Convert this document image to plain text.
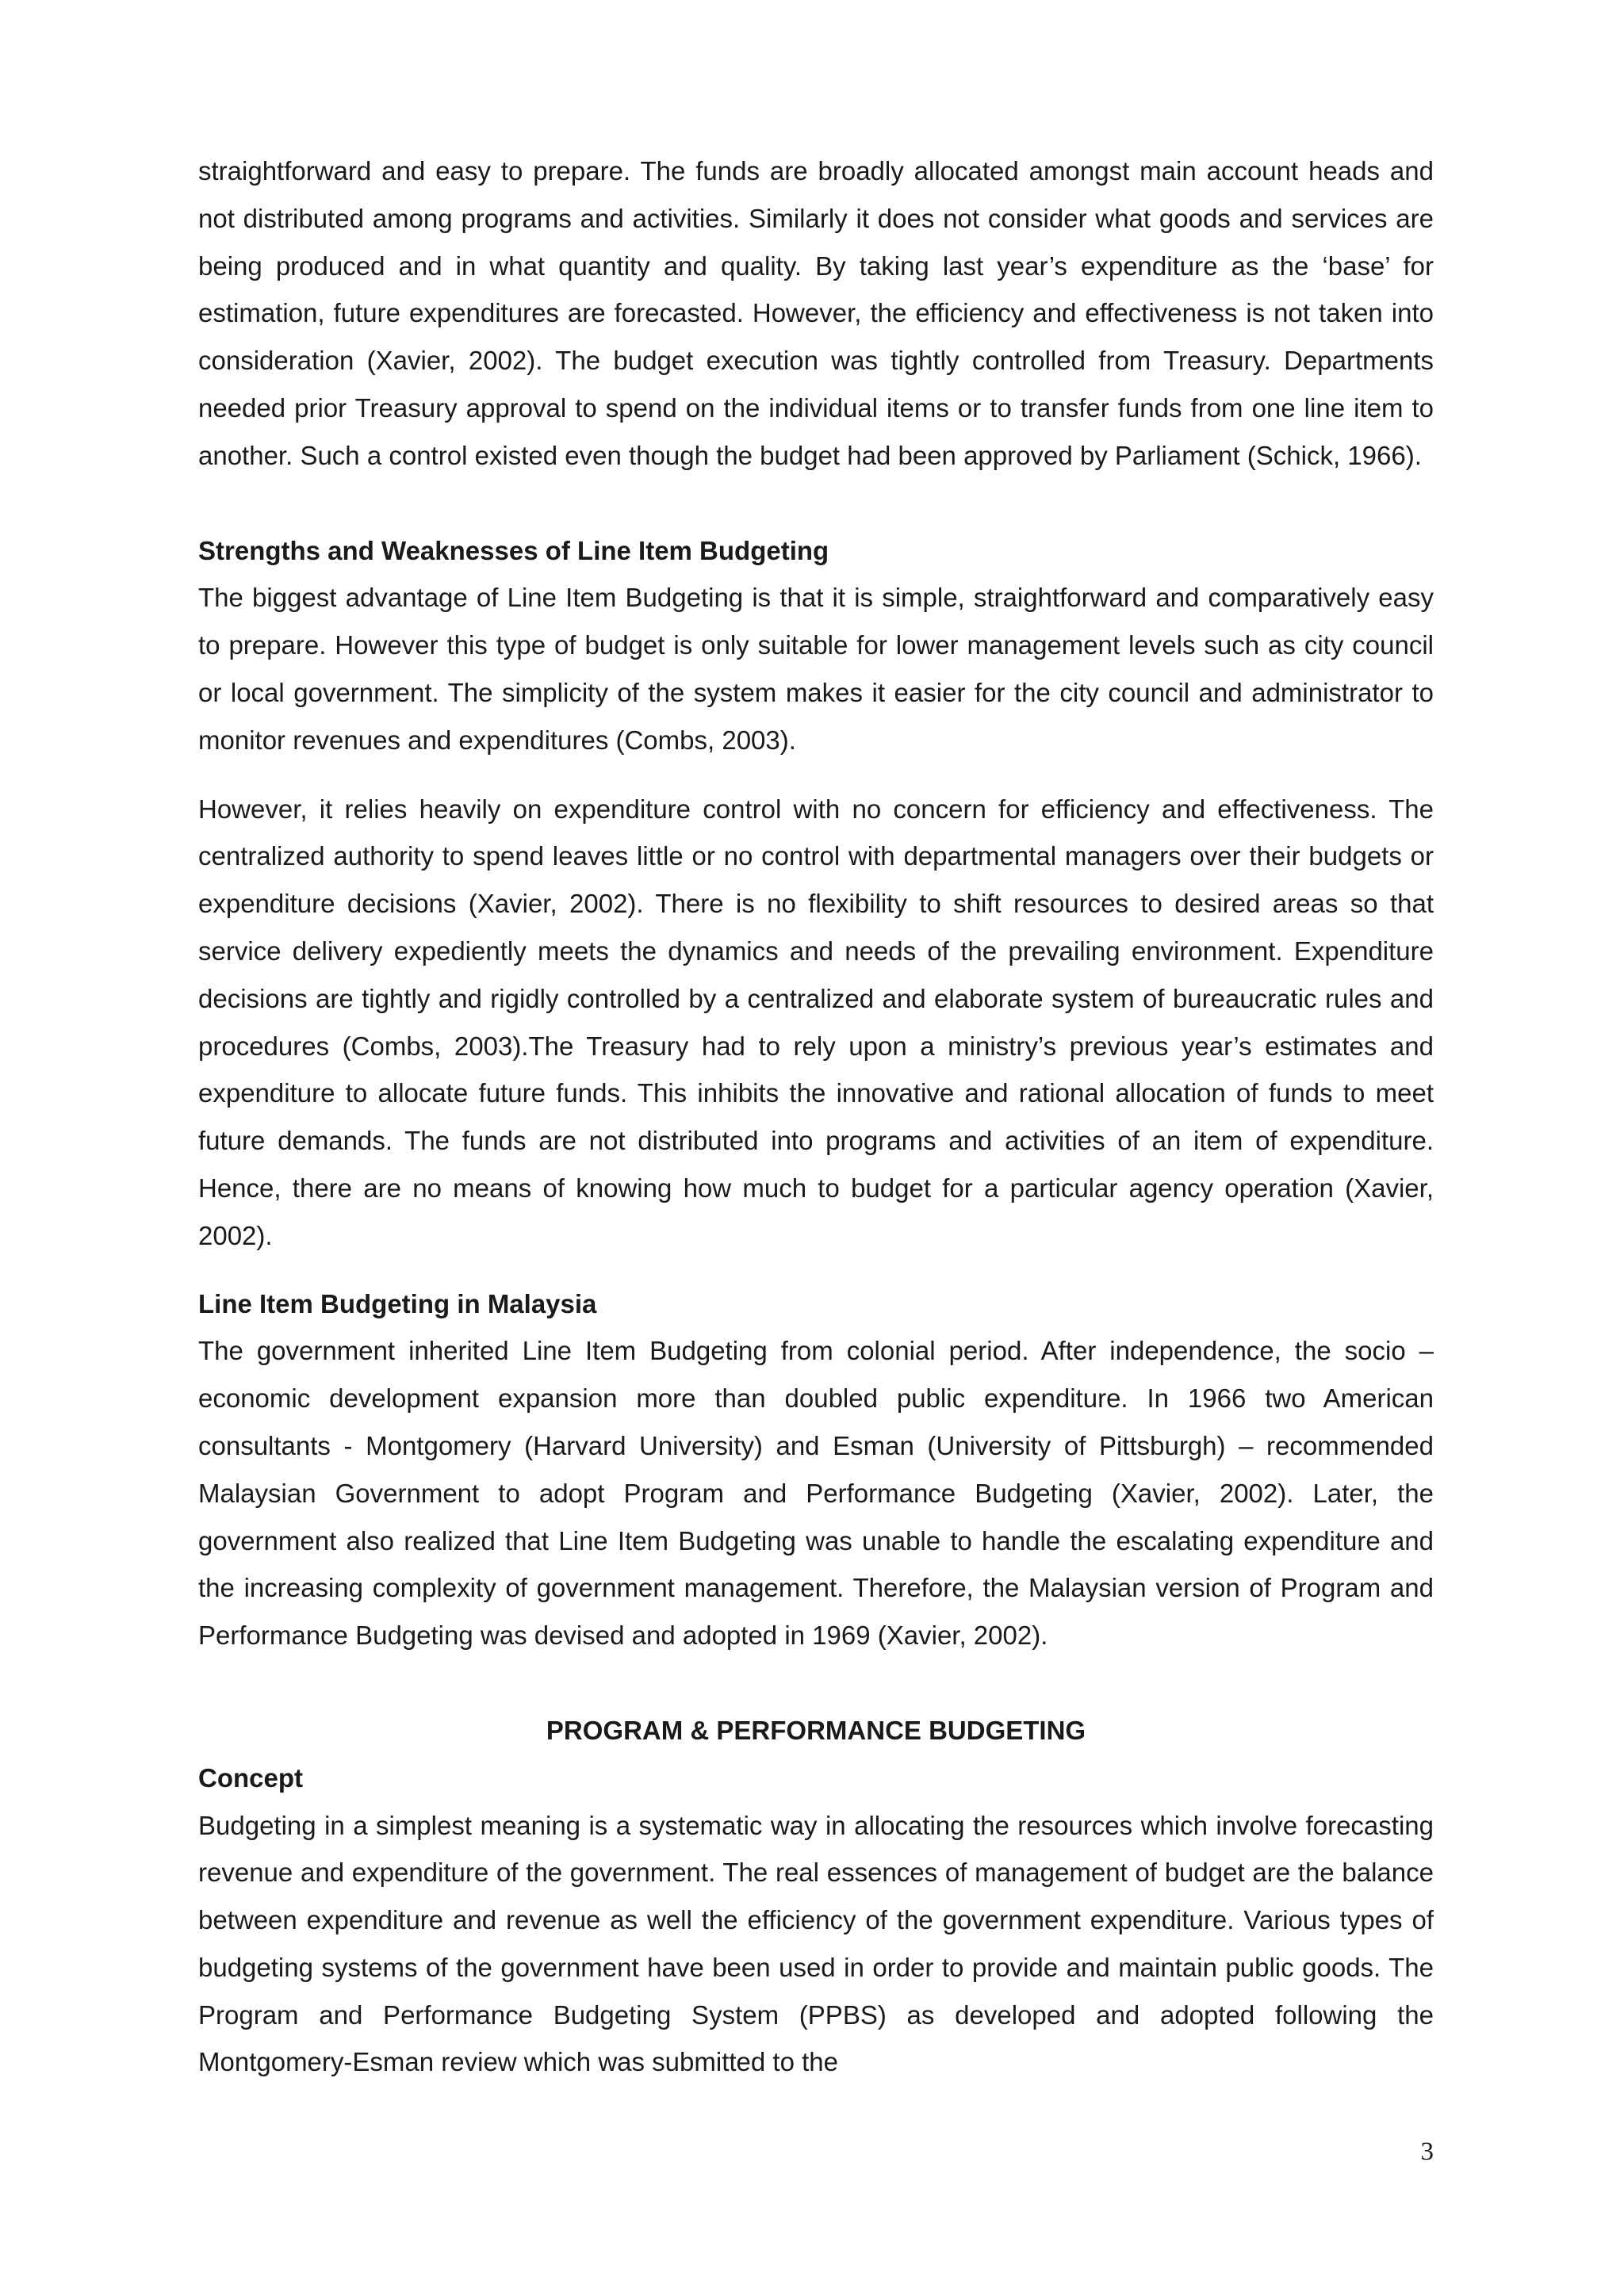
straightforward and easy to prepare. The funds are broadly allocated amongst main account heads and not distributed among programs and activities. Similarly it does not consider what goods and services are being produced and in what quantity and quality. By taking last year’s expenditure as the ‘base’ for estimation, future expenditures are forecasted. However, the efficiency and effectiveness is not taken into consideration (Xavier, 2002). The budget execution was tightly controlled from Treasury. Departments needed prior Treasury approval to spend on the individual items or to transfer funds from one line item to another. Such a control existed even though the budget had been approved by Parliament (Schick, 1966).

Strengths and Weaknesses of Line Item Budgeting

The biggest advantage of Line Item Budgeting is that it is simple, straightforward and comparatively easy to prepare. However this type of budget is only suitable for lower management levels such as city council or local government. The simplicity of the system makes it easier for the city council and administrator to monitor revenues and expenditures (Combs, 2003).

However, it relies heavily on expenditure control with no concern for efficiency and effectiveness. The centralized authority to spend leaves little or no control with departmental managers over their budgets or expenditure decisions (Xavier, 2002). There is no flexibility to shift resources to desired areas so that service delivery expediently meets the dynamics and needs of the prevailing environment. Expenditure decisions are tightly and rigidly controlled by a centralized and elaborate system of bureaucratic rules and procedures (Combs, 2003).The Treasury had to rely upon a ministry’s previous year’s estimates and expenditure to allocate future funds. This inhibits the innovative and rational allocation of funds to meet future demands. The funds are not distributed into programs and activities of an item of expenditure. Hence, there are no means of knowing how much to budget for a particular agency operation (Xavier, 2002).

Line Item Budgeting in Malaysia

The government inherited Line Item Budgeting from colonial period. After independence, the socio – economic development expansion more than doubled public expenditure. In 1966 two American consultants - Montgomery (Harvard University) and Esman (University of Pittsburgh) – recommended Malaysian Government to adopt Program and Performance Budgeting (Xavier, 2002). Later, the government also realized that Line Item Budgeting was unable to handle the escalating expenditure and the increasing complexity of government management. Therefore, the Malaysian version of Program and Performance Budgeting was devised and adopted in 1969 (Xavier, 2002).

PROGRAM & PERFORMANCE BUDGETING

Concept

Budgeting in a simplest meaning is a systematic way in allocating the resources which involve forecasting revenue and expenditure of the government. The real essences of management of budget are the balance between expenditure and revenue as well the efficiency of the government expenditure. Various types of budgeting systems of the government have been used in order to provide and maintain public goods. The Program and Performance Budgeting System (PPBS) as developed and adopted following the Montgomery-Esman review which was submitted to the

3
